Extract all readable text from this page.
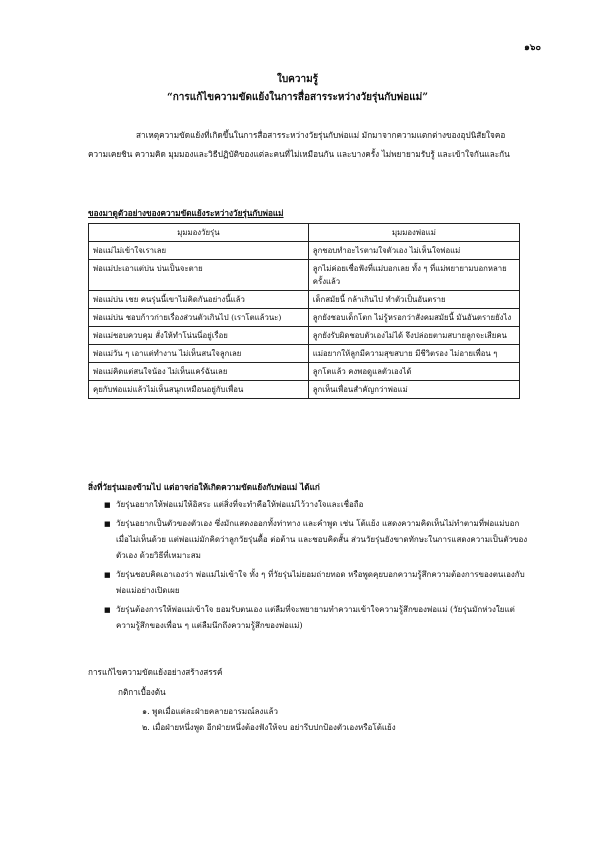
๑๖๐
ใบความรู้
“การแก้ไขความขัดแย้งในการสื่อสารระหว่างวัยรุ่นกับพ่อแม่”

สาเหตุความขัดแย้งที่เกิดขึ้นในการสื่อสารระหว่างวัยรุ่นกับพ่อแม่ มักมาจากความแตกต่างของอุปนิสัยใจคอ ความเคยชิน ความคิด มุมมองและวิธีปฏิบัติของแต่ละคนที่ไม่เหมือนกัน และบางครั้ง ไม่พยายามรับรู้ และเข้าใจกันและกัน

ของมาดูตัวอย่างของความขัดแย้งระหว่างวัยรุ่นกับพ่อแม่
มุมมองวัยรุ่น	มุมมองพ่อแม่
พ่อแม่ไม่เข้าใจเราเลย	ลูกชอบทำอะไรตามใจตัวเอง ไม่เห็นใจพ่อแม่
พ่อแม่ปะเอาแต่บ่น บ่นเป็นจะตาย	ลูกไม่ค่อยเชื่อฟังที่แม่บอกเลย ทั้ง ๆ ที่แม่พยายามบอกหลายครั้งแล้ว
พ่อแม่บ่น เชย คนรุ่นนี้เขาไม่คิดกันอย่างนี้แล้ว	เด็กสมัยนี้ กล้าเกินไป ทำตัวเป็นอันตราย
พ่อแม่บ่น ชอบก้าวก่ายเรื่องส่วนตัวเกินไป (เราโตแล้วนะ)	ลูกยังชอบเด็กโตก ไม่รู้หรอกว่าสังคมสมัยนี้ มันอันตรายยังไง
พ่อแม่ชอบควบคุม สั่งให้ทำโน่นนี่อยู่เรื่อย	ลูกยังรับผิดชอบตัวเองไม่ได้ จึงปล่อยตามสบายลูกจะเสียคน
พ่อแม่วัน ๆ เอาแต่ทำงาน ไม่เห็นสนใจลูกเลย	แม่อยากให้ลูกมีความสุขสบาย มีชีวิตรอง ไม่อายเพื่อน ๆ
พ่อแม่คิดแต่สนใจน้อง ไม่เห็นแคร์ฉันเลย	ลูกโตแล้ว คงพอดูแลตัวเองได้
คุยกับพ่อแม่แล้วไม่เห็นสนุกเหมือนอยู่กับเพื่อน	ลูกเห็นเพื่อนสำคัญกว่าพ่อแม่
สิ่งที่วัยรุ่นมองข้ามไป แต่อาจก่อให้เกิดความขัดแย้งกับพ่อแม่ ได้แก่
■ วัยรุ่นอยากให้พ่อแม่ให้อิสระ แต่สิ่งที่จะทำคือให้พ่อแม่ไว้วางใจและเชื่อถือ
■ วัยรุ่นอยากเป็นตัวของตัวเอง ซึ่งมักแสดงออกทั้งท่าทาง และคำพูด เช่น โต้แย้ง แสดงความคิดเห็นไม่ทำตามที่พ่อแม่บอกเมื่อไม่เห็นด้วย แต่พ่อแม่มักคิดว่าลูกวัยรุ่นดื้อ ต่อต้าน และชอบคิดสั้น ส่วนวัยรุ่นยังขาดทักษะในการแสดงความเป็นตัวของตัวเอง ด้วยวิธีที่เหมาะสม
■ วัยรุ่นชอบคิดเอาเองว่า พ่อแม่ไม่เข้าใจ ทั้ง ๆ ที่วัยรุ่นไม่ยอมถ่ายทอด หรือพูดคุยบอกความรู้สึกความต้องการของตนเองกับพ่อแม่อย่างเปิดเผย
■ วัยรุ่นต้องการให้พ่อแม่เข้าใจ ยอมรับตนเอง แต่ลืมที่จะพยายามทำความเข้าใจความรู้สึกของพ่อแม่ (วัยรุ่นมักห่วงใยแต่ความรู้สึกของเพื่อน ๆ แต่ลืมนึกถึงความรู้สึกของพ่อแม่)
การแก้ไขความขัดแย้งอย่างสร้างสรรค์
กติกาเบื้องต้น
๑. พูดเมื่อแต่ละฝ่ายคลายอารมณ์ลงแล้ว
๒. เมื่อฝ่ายหนึ่งพูด อีกฝ่ายหนึ่งต้องฟังให้จบ อย่ารีบปกป้องตัวเองหรือโต้แย้ง
